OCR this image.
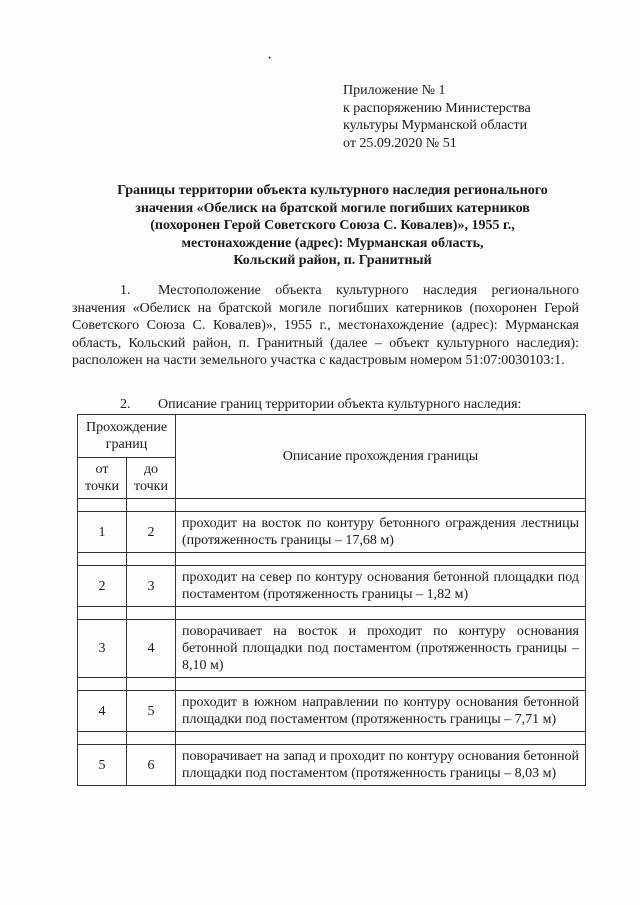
·
Приложение № 1
к распоряжению Министерства
культуры Мурманской области
от 25.09.2020 № 51
Границы территории объекта культурного наследия регионального
значения «Обелиск на братской могиле погибших катерников
(похоронен Герой Советского Союза С. Ковалев)», 1955 г.,
местонахождение (адрес): Мурманская область,
Кольский район, п. Гранитный
1. Местоположение объекта культурного наследия регионального значения «Обелиск на братской могиле погибших катерников (похоронен Герой Советского Союза С. Ковалев)», 1955 г., местонахождение (адрес): Мурманская область, Кольский район, п. Гранитный (далее – объект культурного наследия): расположен на части земельного участка с кадастровым номером 51:07:0030103:1.
2. Описание границ территории объекта культурного наследия:
Прохождение границ		Описание прохождения границы
от точки	до точки	

1	2	проходит на восток по контуру бетонного ограждения лестницы (протяженность границы – 17,68 м)

2	3	проходит на север по контуру основания бетонной площадки под постаментом (протяженность границы – 1,82 м)

3	4	поворачивает на восток и проходит по контуру основания бетонной площадки под постаментом (протяженность границы – 8,10 м)

4	5	проходит в южном направлении по контуру основания бетонной площадки под постаментом (протяженность границы – 7,71 м)

5	6	поворачивает на запад и проходит по контуру основания бетонной площадки под постаментом (протяженность границы – 8,03 м)
